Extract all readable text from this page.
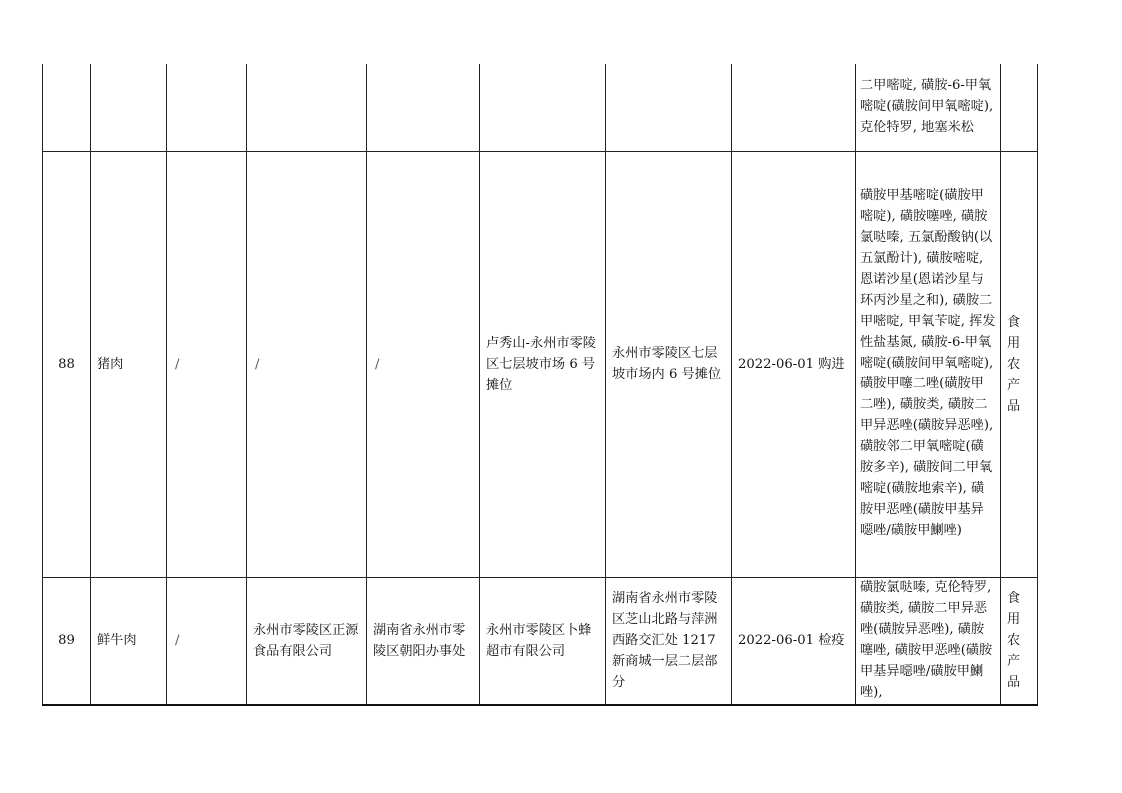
								二甲嘧啶, 磺胺-6-甲氧嘧啶(磺胺间甲氧嘧啶), 克伦特罗, 地塞米松	
88	猪肉	/	/	/	卢秀山-永州市零陵区七层坡市场 6 号摊位	永州市零陵区七层坡市场内 6 号摊位	2022-06-01 购进	磺胺甲基嘧啶(磺胺甲嘧啶), 磺胺噻唑, 磺胺氯哒嗪, 五氯酚酸钠(以五氯酚计), 磺胺嘧啶, 恩诺沙星(恩诺沙星与环丙沙星之和), 磺胺二甲嘧啶, 甲氧苄啶, 挥发性盐基氮, 磺胺-6-甲氧嘧啶(磺胺间甲氧嘧啶), 磺胺甲噻二唑(磺胺甲二唑), 磺胺类, 磺胺二甲异恶唑(磺胺异恶唑), 磺胺邻二甲氧嘧啶(磺胺多辛), 磺胺间二甲氧嘧啶(磺胺地索辛), 磺胺甲恶唑(磺胺甲基异噁唑/磺胺甲鯻唑)	食用农产品
89	鲜牛肉	/	永州市零陵区正源食品有限公司	湖南省永州市零陵区朝阳办事处	永州市零陵区卜蜂超市有限公司	湖南省永州市零陵区芝山北路与萍洲西路交汇处 1217 新商城一层二层部分	2022-06-01 检疫	磺胺氯哒嗪, 克伦特罗, 磺胺类, 磺胺二甲异恶唑(磺胺异恶唑), 磺胺噻唑, 磺胺甲恶唑(磺胺甲基异噁唑/磺胺甲鯻唑),	食用农产品
